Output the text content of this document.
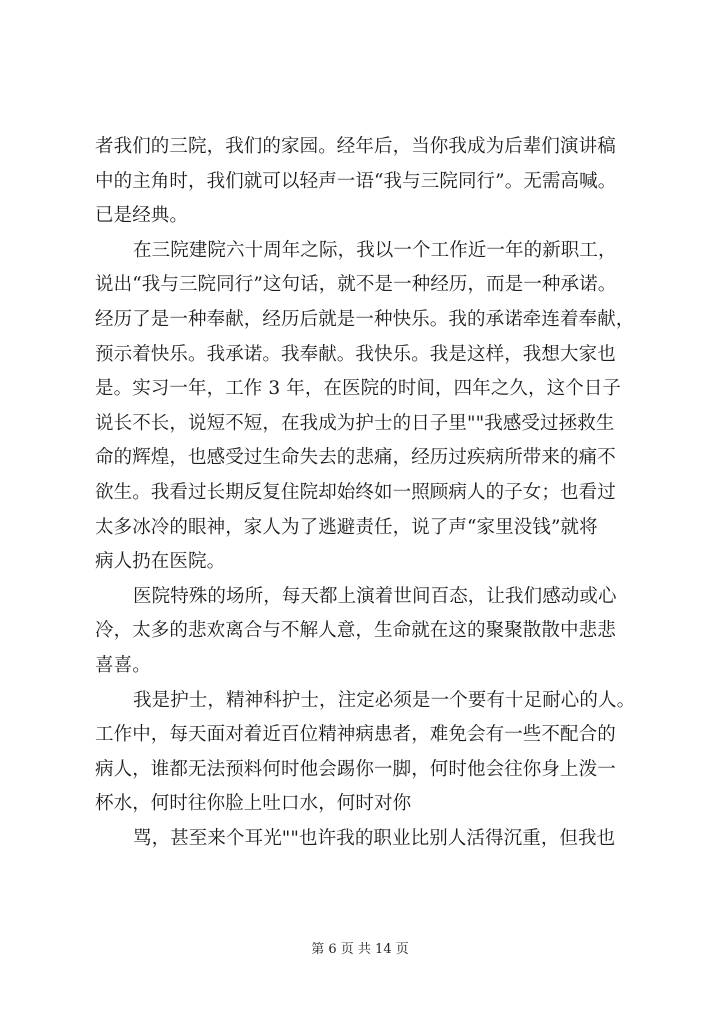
者我们的三院，我们的家园。经年后，当你我成为后辈们演讲稿
中的主角时，我们就可以轻声一语“我与三院同行”。无需高喊。
已是经典。
在三院建院六十周年之际，我以一个工作近一年的新职工，
说出“我与三院同行”这句话，就不是一种经历，而是一种承诺。
经历了是一种奉献，经历后就是一种快乐。我的承诺牵连着奉献，
预示着快乐。我承诺。我奉献。我快乐。我是这样，我想大家也
是。实习一年，工作 3 年，在医院的时间，四年之久，这个日子
说长不长，说短不短，在我成为护士的日子里""我感受过拯救生
命的辉煌，也感受过生命失去的悲痛，经历过疾病所带来的痛不
欲生。我看过长期反复住院却始终如一照顾病人的子女；也看过
太多冰冷的眼神，家人为了逃避责任，说了声“家里没钱”就将
病人扔在医院。
医院特殊的场所，每天都上演着世间百态，让我们感动或心
冷，太多的悲欢离合与不解人意，生命就在这的聚聚散散中悲悲
喜喜。
我是护士，精神科护士，注定必须是一个要有十足耐心的人。
工作中，每天面对着近百位精神病患者，难免会有一些不配合的
病人，谁都无法预料何时他会踢你一脚，何时他会往你身上泼一
杯水，何时往你脸上吐口水，何时对你
骂，甚至来个耳光""也许我的职业比别人活得沉重，但我也
第 6 页 共 14 页
